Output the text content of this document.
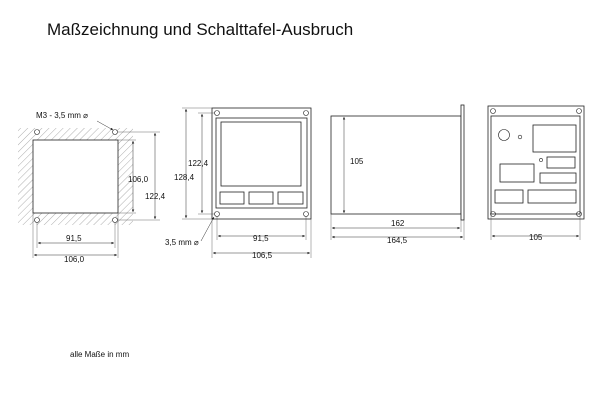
Maßzeichnung und Schalttafel-Ausbruch
M3 - 3,5 mm ⌀
106,0
122,4
91,5
106,0
128,4
122,4
3,5 mm ⌀	91,5
106,5
105
162
164,5	105
alle Maße in mm
